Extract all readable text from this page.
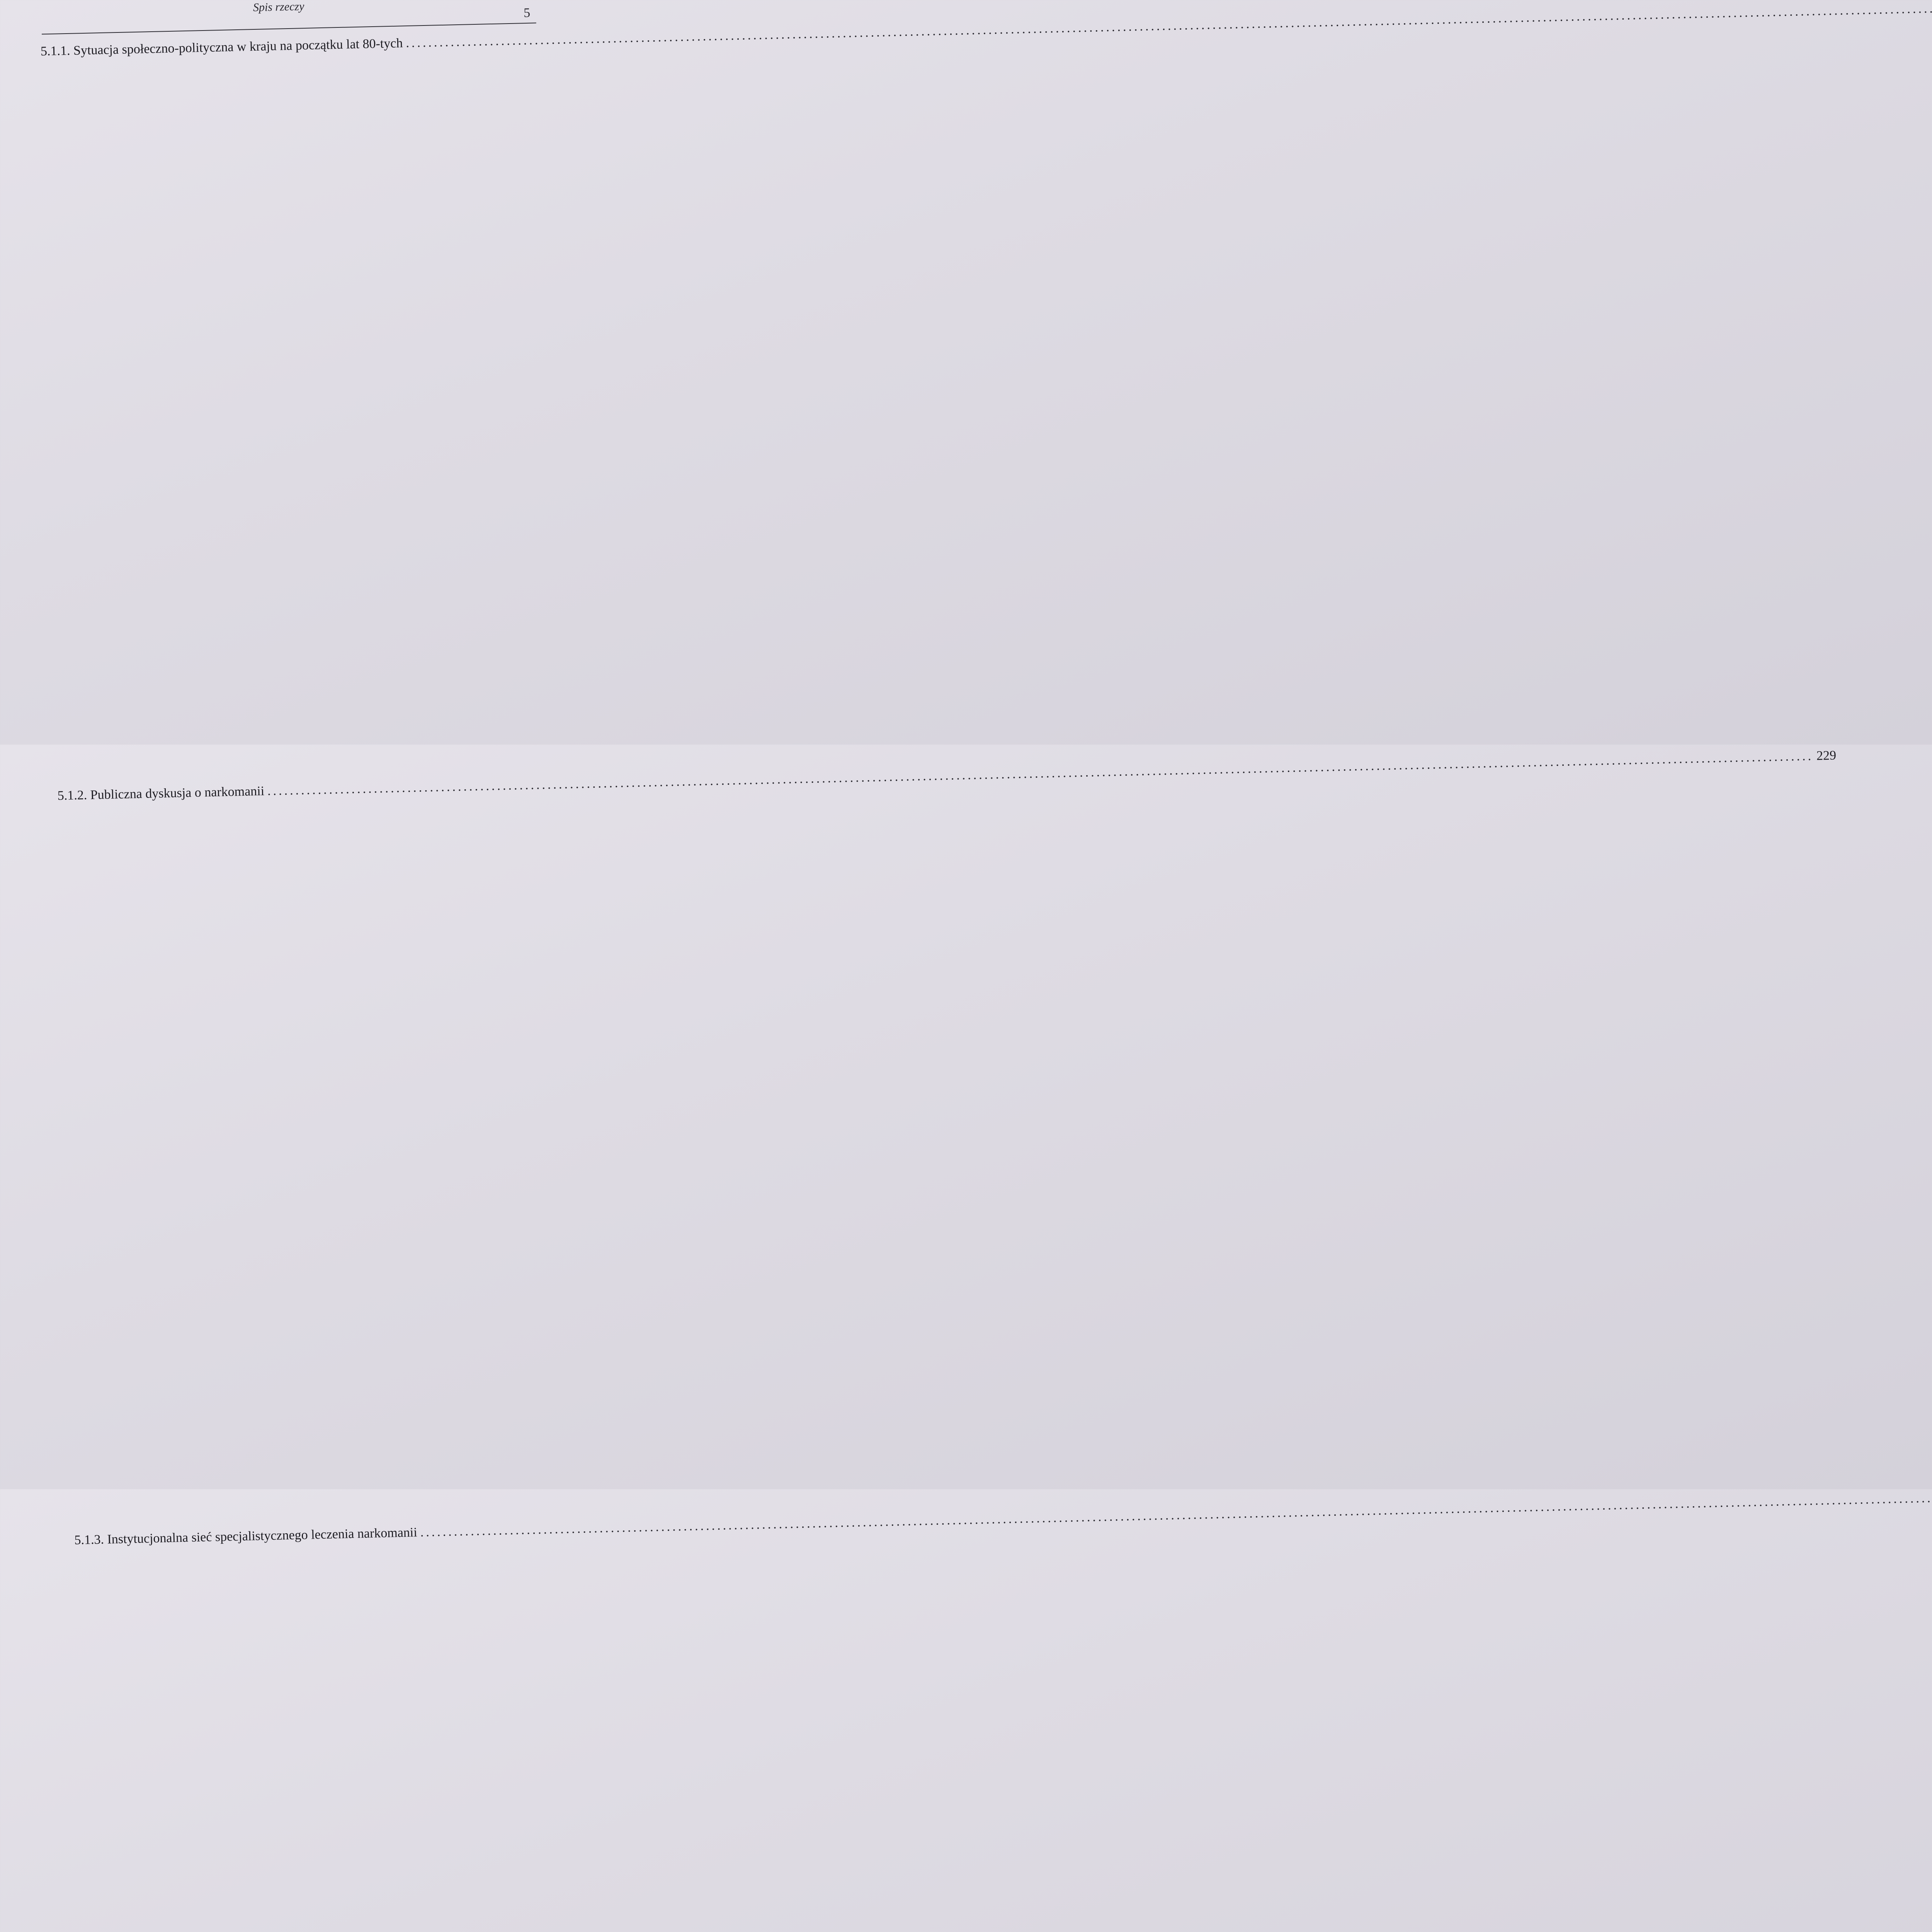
Spis rzeczy	5
5.1.1.
Sytuacja społeczno-polityczna w kraju na początku lat 80-tych
.....
5.1.2.
Publiczna dyskusja o narkomanii
.....
229
5.1.3.
Instytucjonalna sieć specjalistycznego leczenia narkomanii
.....
